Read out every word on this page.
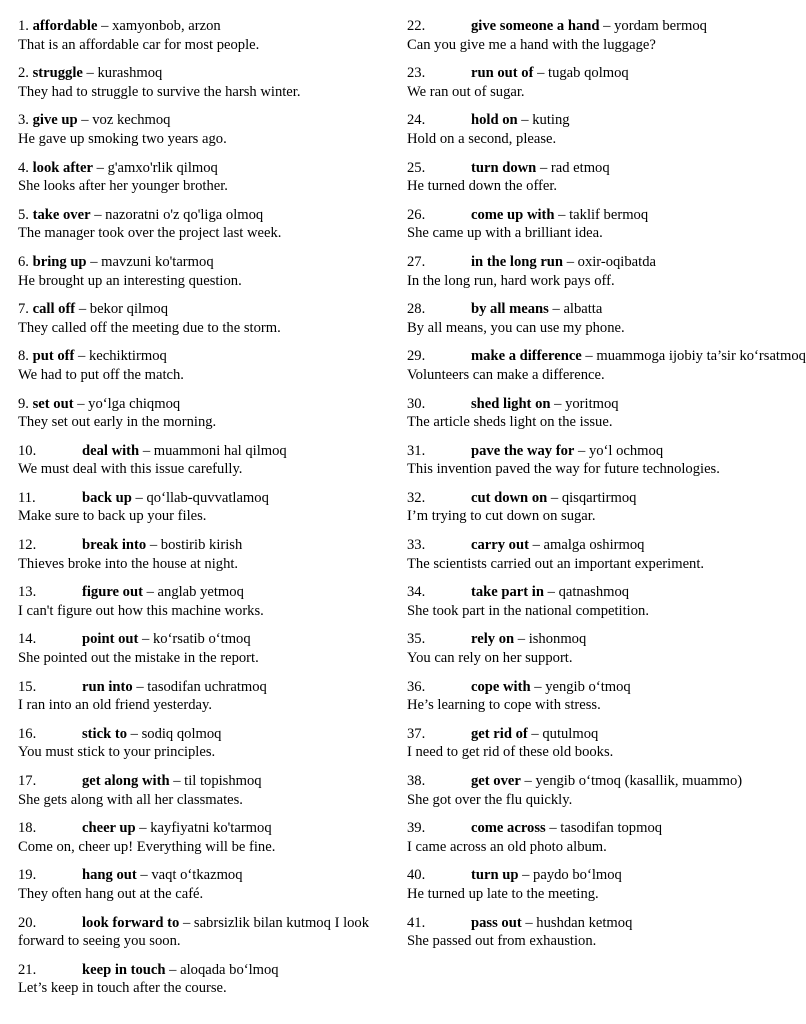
1. affordable – xamyonbob, arzon
That is an affordable car for most people.
2. struggle – kurashmoq
They had to struggle to survive the harsh winter.
3. give up – voz kechmoq
He gave up smoking two years ago.
4. look after – g'amxo'rlik qilmoq
She looks after her younger brother.
5. take over – nazoratni o'z qo'liga olmoq
The manager took over the project last week.
6. bring up – mavzuni ko'tarmoq
He brought up an interesting question.
7. call off – bekor qilmoq
They called off the meeting due to the storm.
8. put off – kechiktirmoq
We had to put off the match.
9. set out – yo‘lga chiqmoq
They set out early in the morning.
10.	deal with – muammoni hal qilmoq
We must deal with this issue carefully.
11.	back up – qo‘llab-quvvatlamoq
Make sure to back up your files.
12.	break into – bostirib kirish
Thieves broke into the house at night.
13.	figure out – anglab yetmoq
I can't figure out how this machine works.
14.	point out – ko‘rsatib o‘tmoq
She pointed out the mistake in the report.
15.	run into – tasodifan uchratmoq
I ran into an old friend yesterday.
16.	stick to – sodiq qolmoq
You must stick to your principles.
17.	get along with – til topishmoq
She gets along with all her classmates.
18.	cheer up – kayfiyatni ko'tarmoq
Come on, cheer up! Everything will be fine.
19.	hang out – vaqt o‘tkazmoq
They often hang out at the café.
20.	look forward to – sabrsizlik bilan kutmoq I look forward to seeing you soon.
21.	keep in touch – aloqada bo‘lmoq
Let’s keep in touch after the course.
22.	give someone a hand – yordam bermoq
Can you give me a hand with the luggage?
23.	run out of – tugab qolmoq
We ran out of sugar.
24.	hold on – kuting
Hold on a second, please.
25.	turn down – rad etmoq
He turned down the offer.
26.	come up with – taklif bermoq
She came up with a brilliant idea.
27.	in the long run – oxir-oqibatda
In the long run, hard work pays off.
28.	by all means – albatta
By all means, you can use my phone.
29.	make a difference – muammoga ijobiy ta’sir ko‘rsatmoq
Volunteers can make a difference.
30.	shed light on – yoritmoq
The article sheds light on the issue.
31.	pave the way for – yo‘l ochmoq
This invention paved the way for future technologies.
32.	cut down on – qisqartirmoq
I’m trying to cut down on sugar.
33.	carry out – amalga oshirmoq
The scientists carried out an important experiment.
34.	take part in – qatnashmoq
She took part in the national competition.
35.	rely on – ishonmoq
You can rely on her support.
36.	cope with – yengib o‘tmoq
He’s learning to cope with stress.
37.	get rid of – qutulmoq
I need to get rid of these old books.
38.	get over – yengib o‘tmoq (kasallik, muammo) She got over the flu quickly.
39.	come across – tasodifan topmoq
I came across an old photo album.
40.	turn up – paydo bo‘lmoq
He turned up late to the meeting.
41.	pass out – hushdan ketmoq
She passed out from exhaustion.
